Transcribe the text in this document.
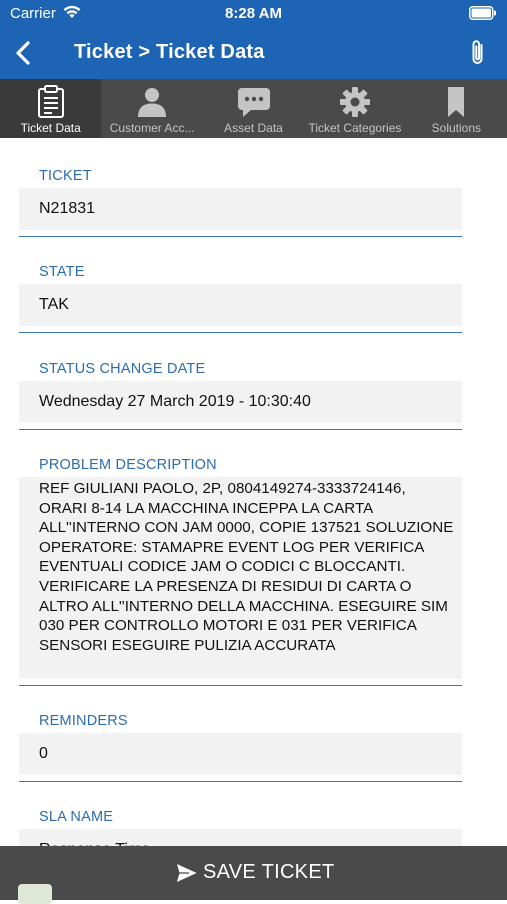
Carrier	8:28 AM
Ticket > Ticket Data
Ticket Data	Customer Acc...	Asset Data	Ticket Categories	Solutions
TICKET
N21831
STATE
TAK
STATUS CHANGE DATE
Wednesday 27 March 2019 - 10:30:40
PROBLEM DESCRIPTION
REF GIULIANI PAOLO, 2P, 0804149274-3333724146, ORARI 8-14 LA MACCHINA INCEPPA LA CARTA ALL''INTERNO CON JAM 0000, COPIE 137521 SOLUZIONE OPERATORE: STAMAPRE EVENT LOG PER VERIFICA EVENTUALI CODICE JAM O CODICI C BLOCCANTI. VERIFICARE LA PRESENZA DI RESIDUI DI CARTA O ALTRO ALL''INTERNO DELLA MACCHINA. ESEGUIRE SIM 030 PER CONTROLLO MOTORI E 031 PER VERIFICA SENSORI ESEGUIRE PULIZIA ACCURATA
REMINDERS
0
SLA NAME
SAVE TICKET
